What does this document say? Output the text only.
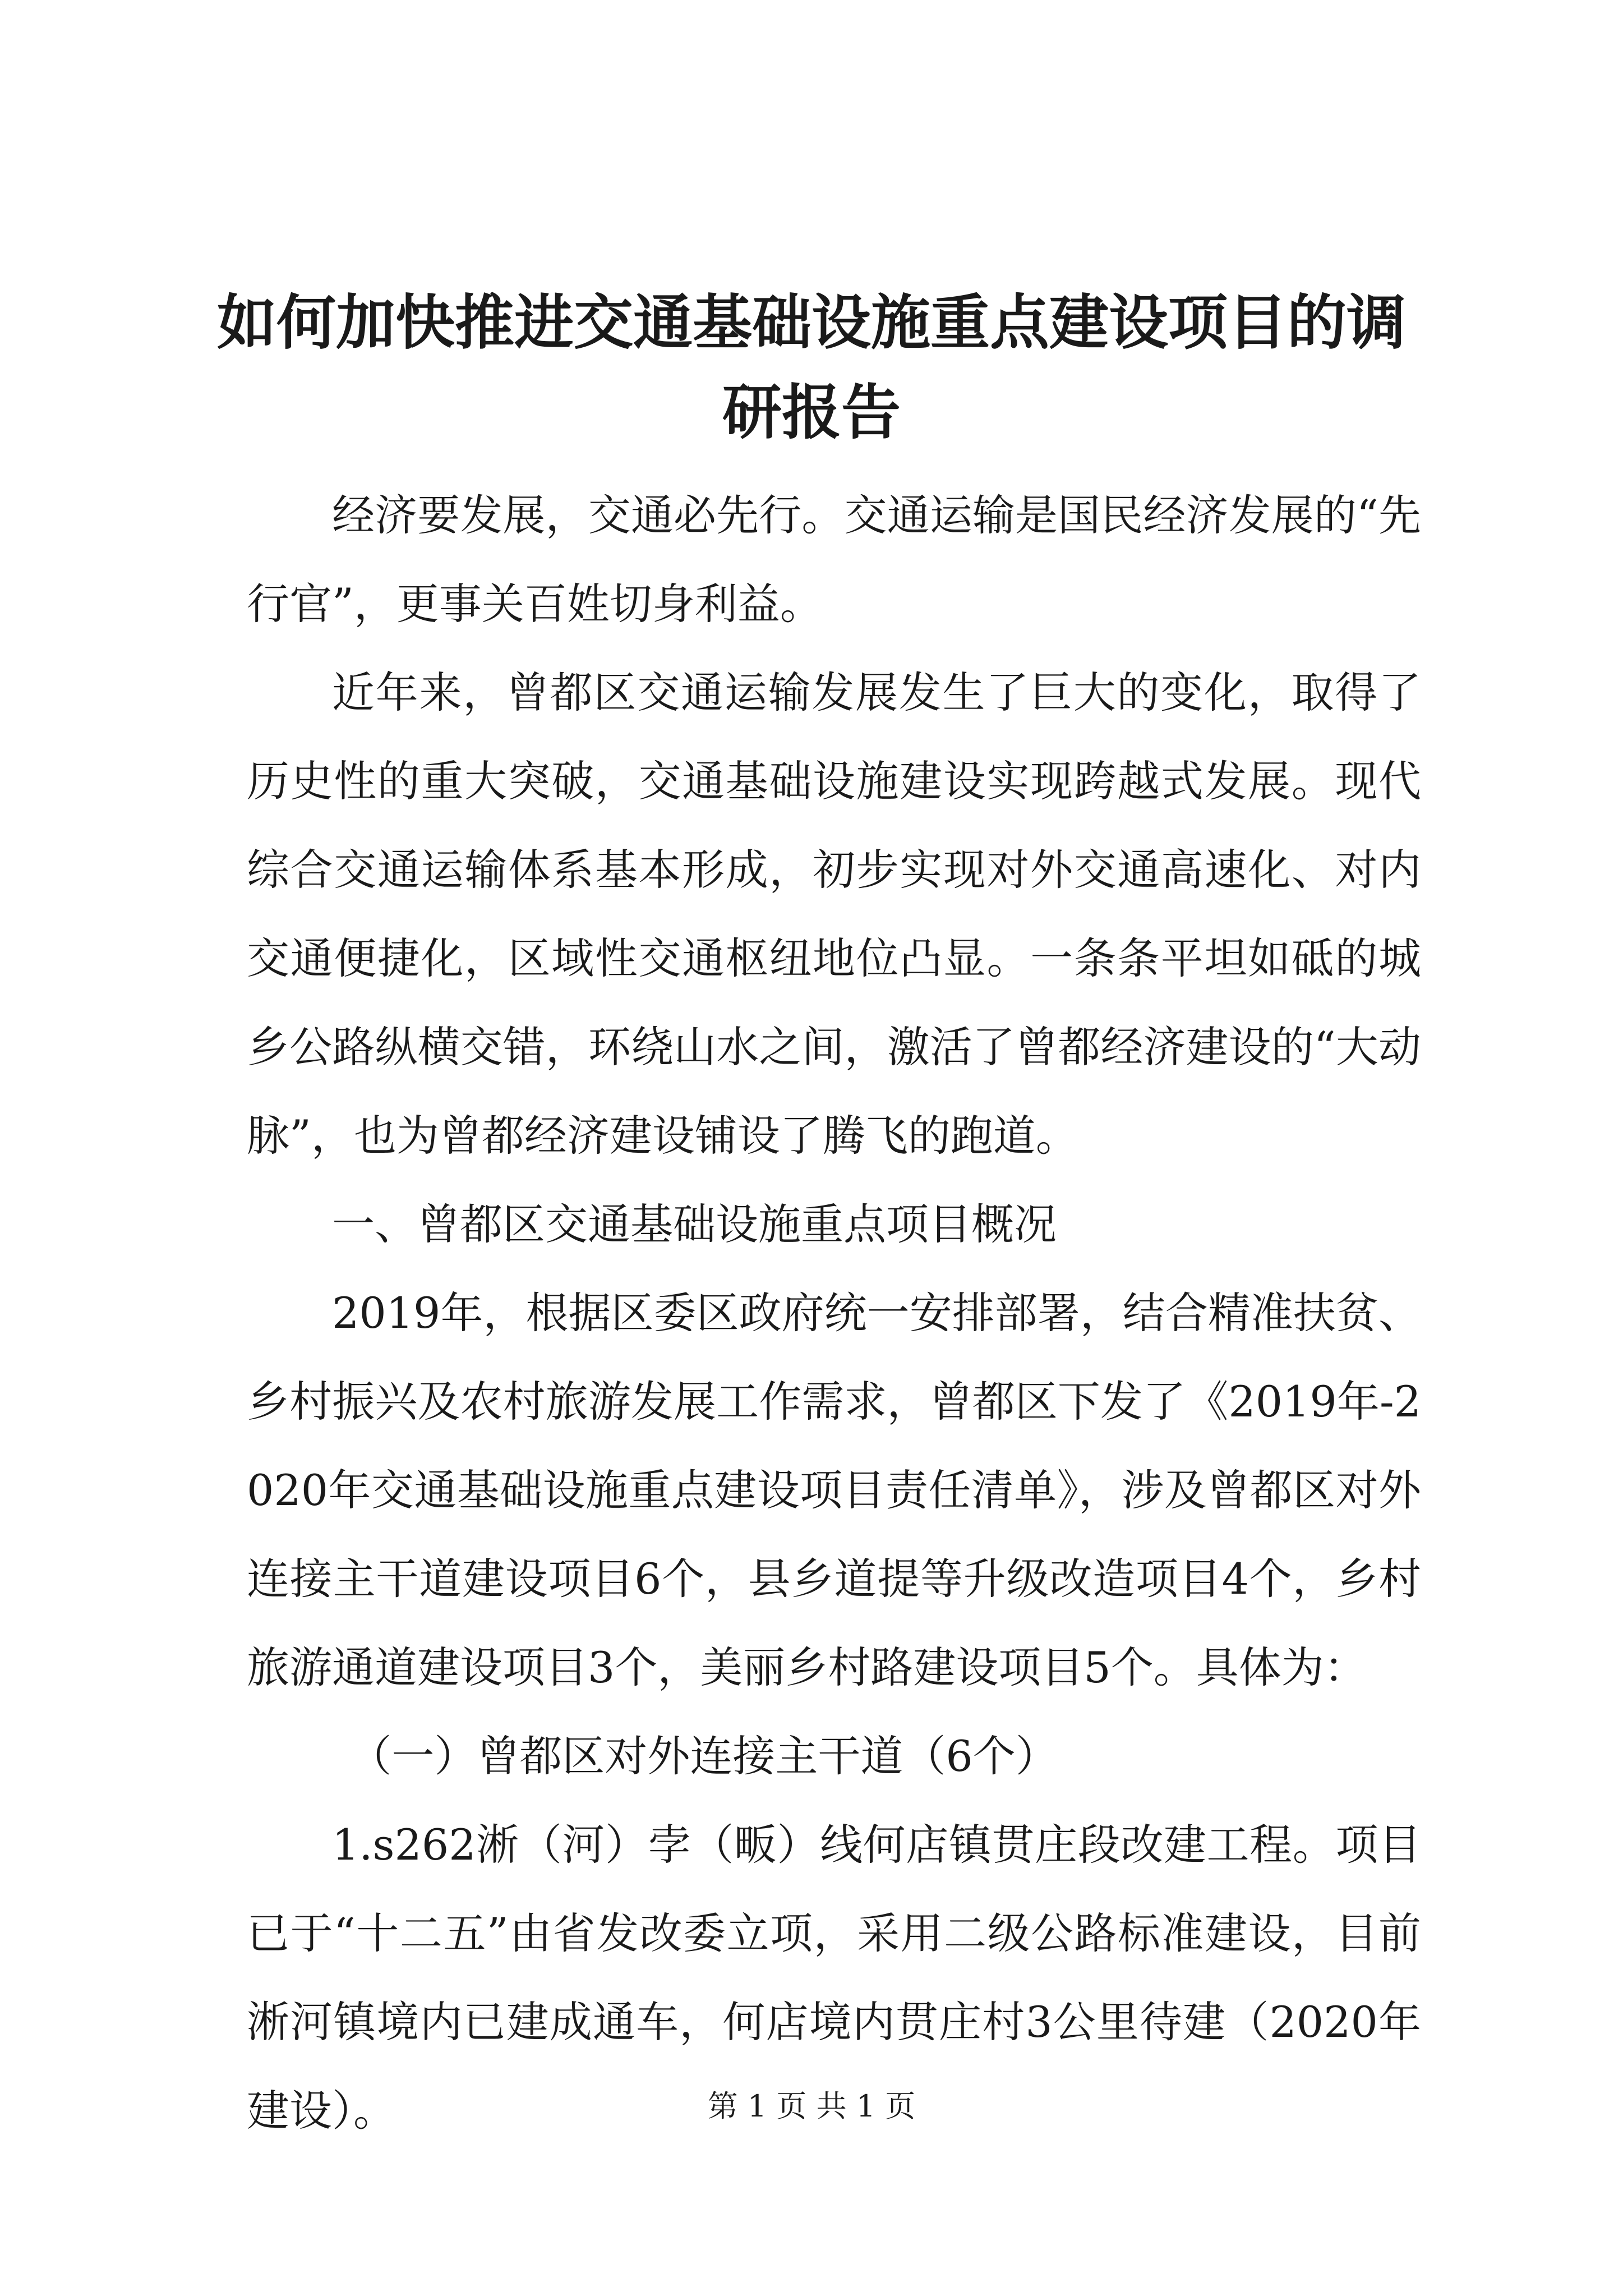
如何加快推进交通基础设施重点建设项目的调研报告

经济要发展，交通必先行。交通运输是国民经济发展的“先行官”，更事关百姓切身利益。

近年来，曾都区交通运输发展发生了巨大的变化，取得了历史性的重大突破，交通基础设施建设实现跨越式发展。现代综合交通运输体系基本形成，初步实现对外交通高速化、对内交通便捷化，区域性交通枢纽地位凸显。一条条平坦如砥的城乡公路纵横交错，环绕山水之间，激活了曾都经济建设的“大动脉”，也为曾都经济建设铺设了腾飞的跑道。

一、曾都区交通基础设施重点项目概况

2019年，根据区委区政府统一安排部署，结合精准扶贫、乡村振兴及农村旅游发展工作需求，曾都区下发了《2019年-2020年交通基础设施重点建设项目责任清单》，涉及曾都区对外连接主干道建设项目6个，县乡道提等升级改造项目4个，乡村旅游通道建设项目3个，美丽乡村路建设项目5个。具体为：

（一）曾都区对外连接主干道（6个）

1.s262淅（河）孛（畈）线何店镇贯庄段改建工程。项目已于“十二五”由省发改委立项，采用二级公路标准建设，目前淅河镇境内已建成通车，何店境内贯庄村3公里待建（2020年建设）。	第 1 页 共 1 页
